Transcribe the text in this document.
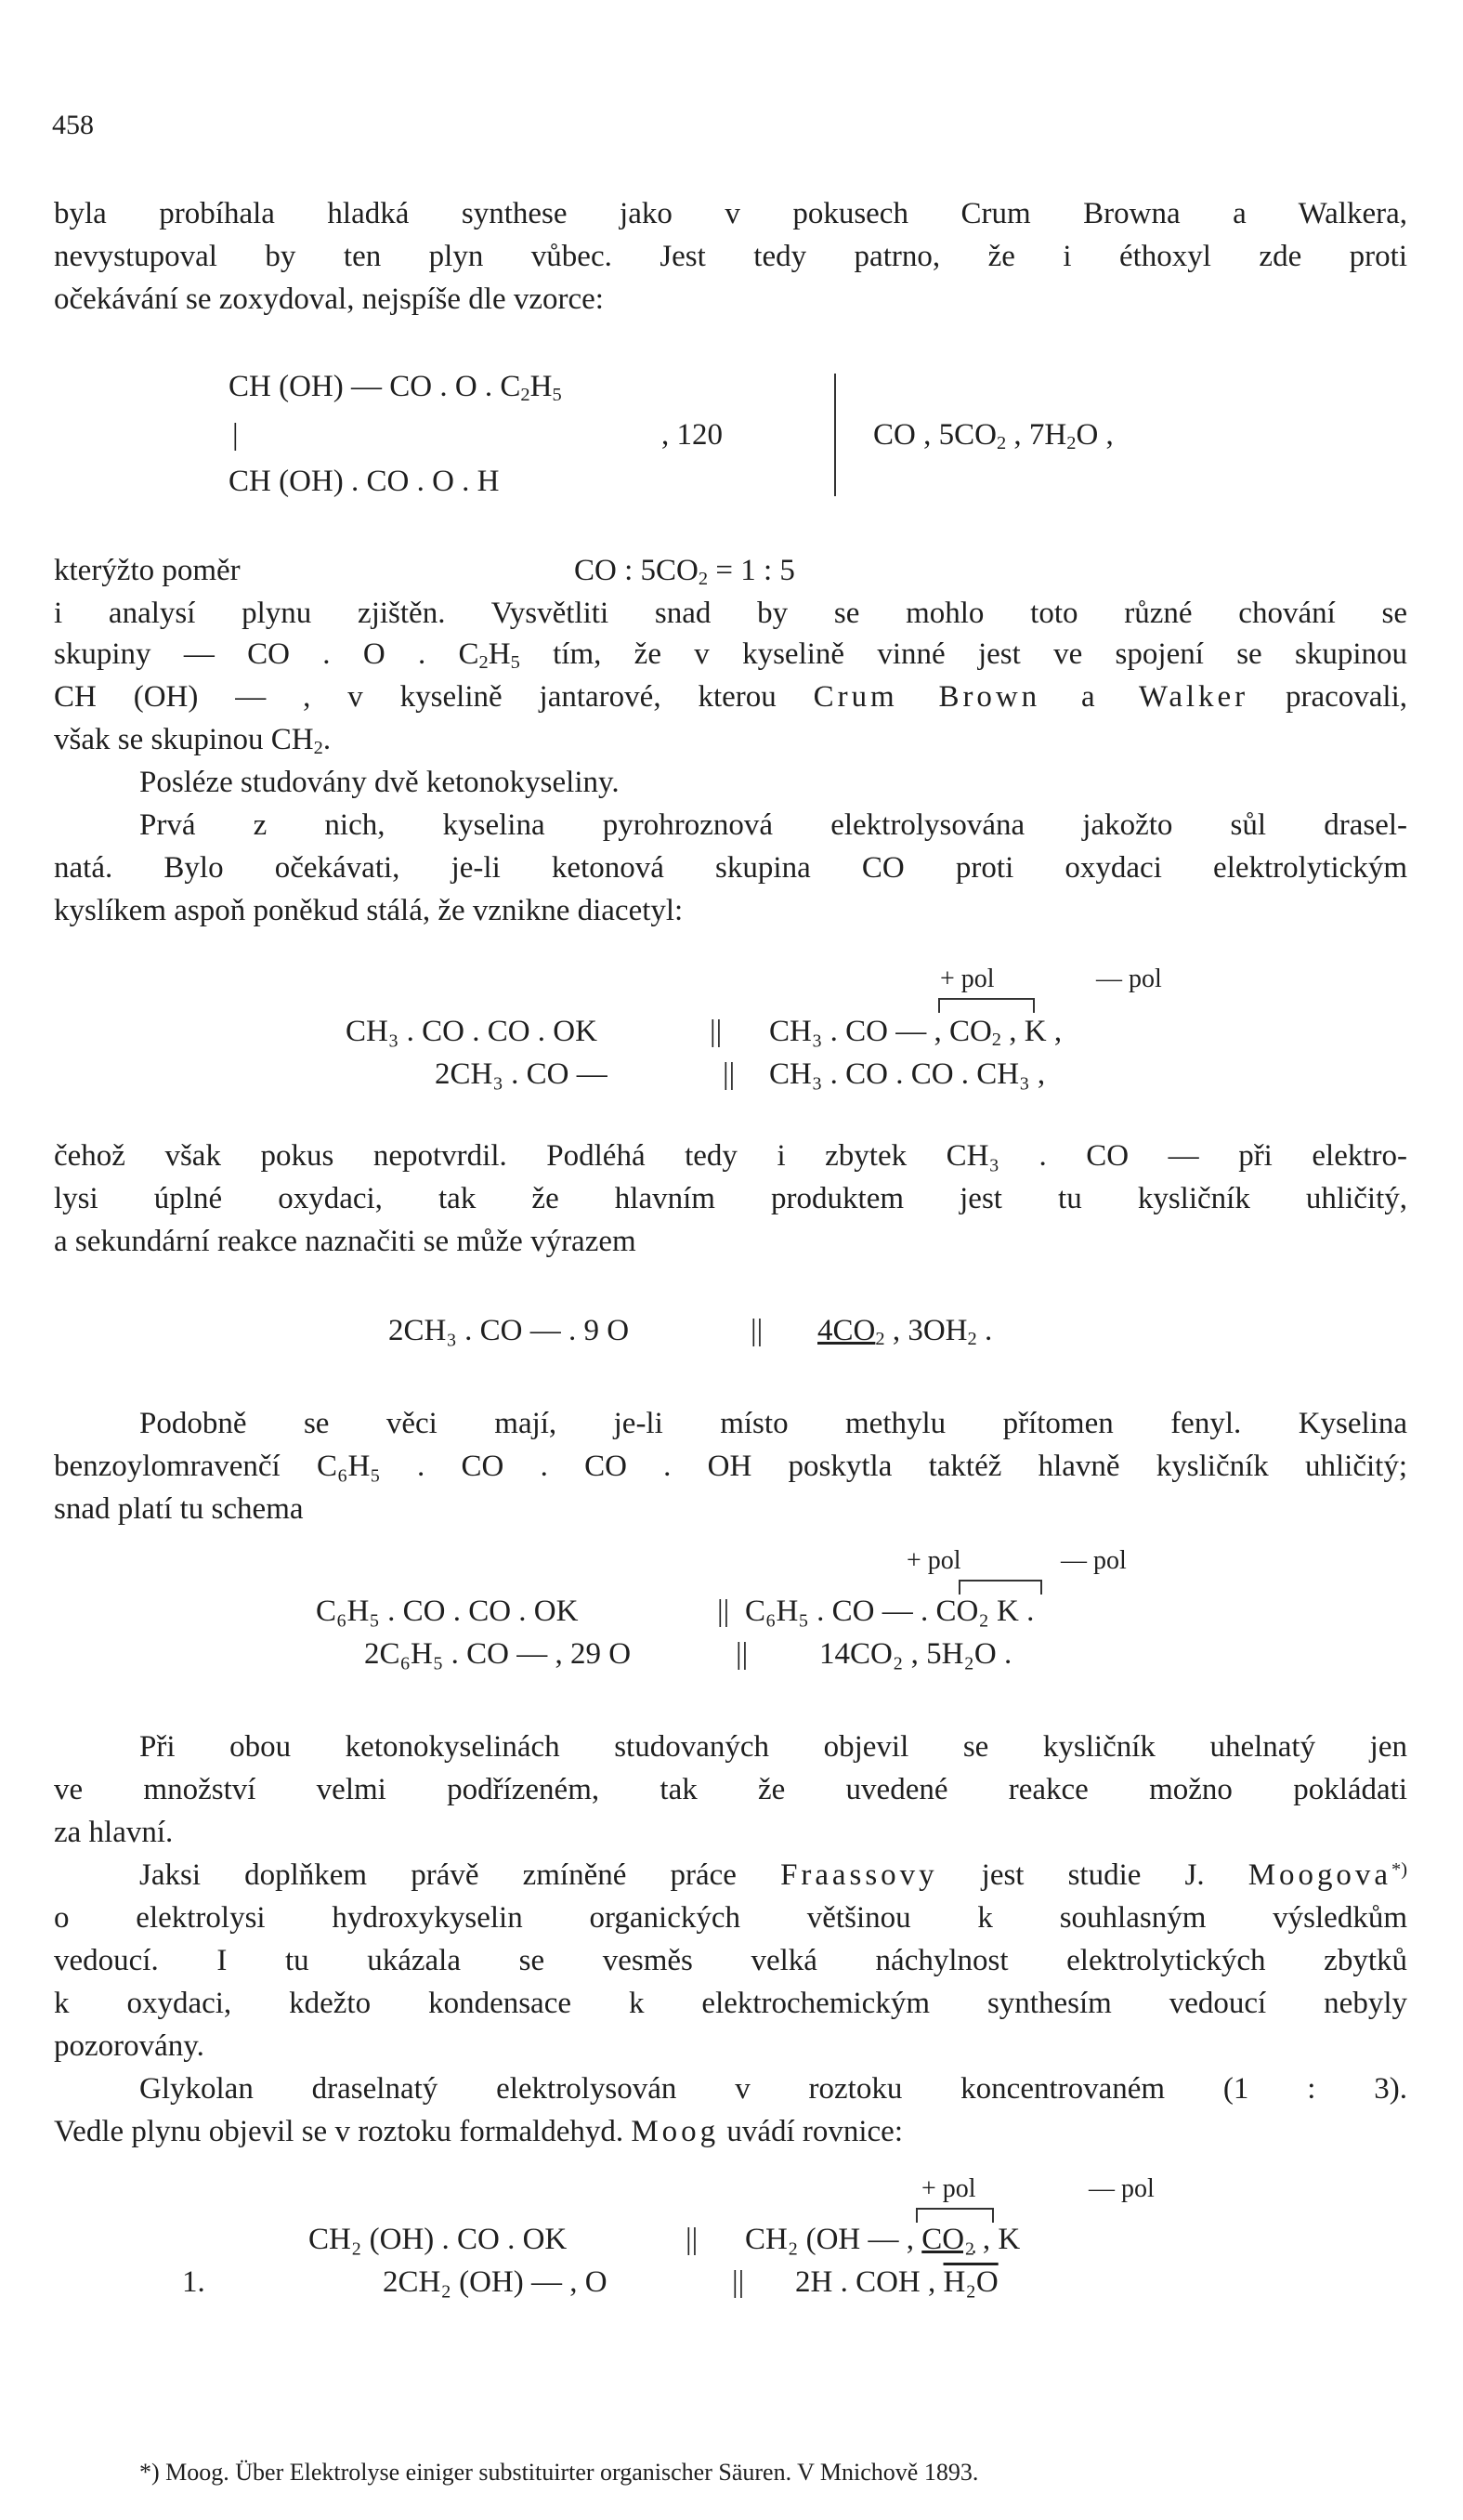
458
byla probíhala hladká synthese jako v pokusech Crum Browna a Walkera,
nevystupoval by ten plyn vůbec. Jest tedy patrno, že i éthoxyl zde proti
očekávání se zoxydoval, nejspíše dle vzorce:
CH (OH) — CO . O . $C_2H_5$
|	, 120
CH (OH) . CO . O . H
CO , $5CO_2$ , $7H_2O$ ,
kterýžto poměr	CO : $5CO_2 = 1$ : 5
i analysí plynu zjištěn. Vysvětliti snad by se mohlo toto různé chování se
skupiny — CO . O . $C_2H_5$ tím, že v kyselině vinné jest ve spojení se skupinou
CH (OH) — , v kyselině jantarové, kterou Crum Brown a Walker pracovali,
však se skupinou $CH_2$.
Posléze studovány dvě ketonokyseliny.
Prvá z nich, kyselina pyrohroznová elektrolysována jakožto sůl drasel-
natá. Bylo očekávati, je-li ketonová skupina CO proti oxydaci elektrolytickým
kyslíkem aspoň poněkud stálá, že vznikne diacetyl:
+ pol	— pol
CH₃ . CO . CO . OK	|| CH₃ . CO — , $CO_2$ , K ,
2CH₃ . CO —	|| CH₃ . CO . CO . CH₃ ,
čehož však pokus nepotvrdil. Podléhá tedy i zbytek CH₃ . CO — při elektro-
lysi úplné oxydaci, tak že hlavním produktem jest tu kysličník uhličitý,
a sekundární reakce naznačiti se může výrazem
2CH₃ . CO — . 9 O	|| $4CO_2$ , $3OH_2$ .
Podobně se věci mají, je-li místo methylu přítomen fenyl. Kyselina
benzoylomravenčí C₆H₅ . CO . CO . OH poskytla taktéž hlavně kysličník uhličitý;
snad platí tu schema
+ pol	— pol
C₆H₅ . CO . CO . OK	|| C₆H₅ . CO — . CO₂ K .
2C₆H₅ . CO — , 29 O	|| 14CO₂ , 5H₂O .
Při obou ketonokyselinách studovaných objevil se kysličník uhelnatý jen
ve množství velmi podřízeném, tak že uvedené reakce možno pokládati
za hlavní.
Jaksi doplňkem právě zmíněné práce Fraassovy jest studie J. Moogova*)
o elektrolysi hydroxykyselin organických většinou k souhlasným výsledkům
vedoucí. I tu ukázala se vesměs velká náchylnost elektrolytických zbytků
k oxydaci, kdežto kondensace k elektrochemickým synthesím vedoucí nebyly
pozorovány.
Glykolan draselnatý elektrolysován v roztoku koncentrovaném (1 : 3).
Vedle plynu objevil se v roztoku formaldehyd. Moog uvádí rovnice:
+ pol	— pol
CH₂ (OH) . CO . OK	|| CH₂ (OH — , CO₂ , K
1.	2CH₂ (OH) — , O	|| 2H . COH , H₂O
*) Moog. Über Elektrolyse einiger substituirter organischer Säuren. V Mnichově 1893.
